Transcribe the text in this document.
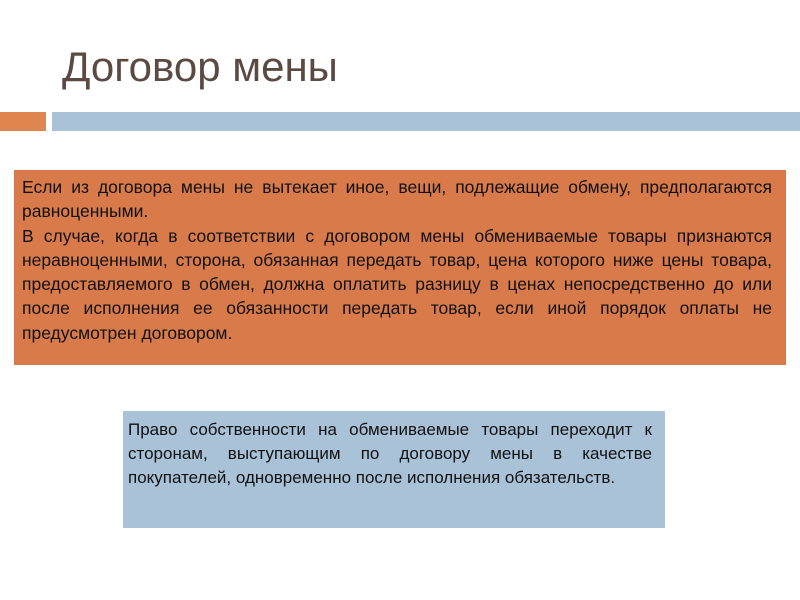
Договор мены

Если из договора мены не вытекает иное, вещи, подлежащие обмену, предполагаются равноценными.

В случае, когда в соответствии с договором мены обмениваемые товары признаются неравноценными, сторона, обязанная передать товар, цена которого ниже цены товара, предоставляемого в обмен, должна оплатить разницу в ценах непосредственно до или после исполнения ее обязанности передать товар, если иной порядок оплаты не предусмотрен договором.

Право собственности на обмениваемые товары переходит к сторонам, выступающим по договору мены в качестве покупателей, одновременно после исполнения обязательств.
